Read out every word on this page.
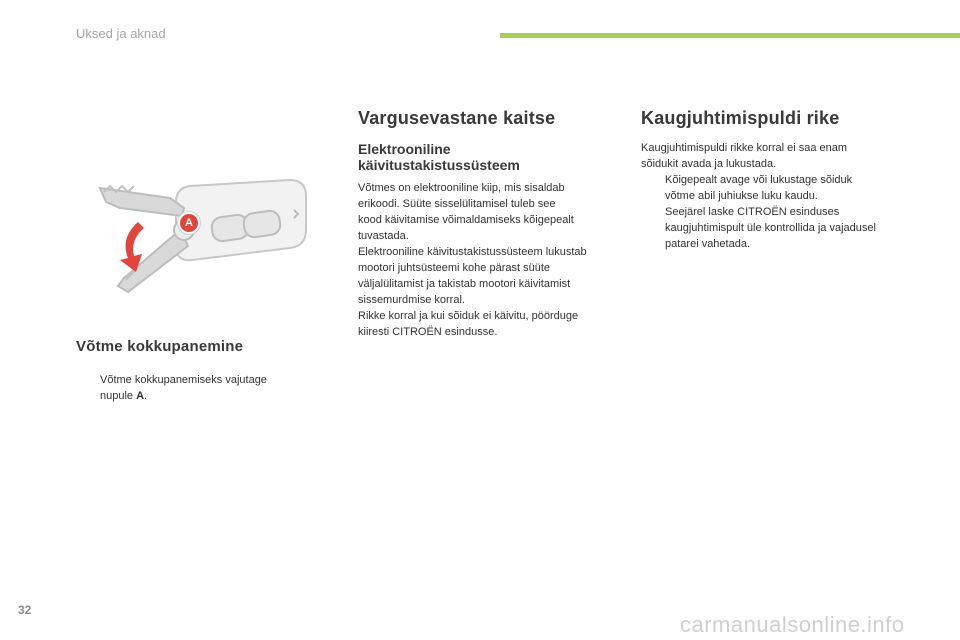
Uksed ja aknad
A
Võtme kokkupanemine
Võtme kokkupanemiseks vajutage
nupule A.
Vargusevastane kaitse
Elektrooniline
käivitustakistussüsteem

Võtmes on elektrooniline kiip, mis sisaldab

erikoodi. Süüte sisselülitamisel tuleb see

kood käivitamise võimaldamiseks kõigepealt

tuvastada.

Elektrooniline käivitustakistussüsteem lukustab

mootori juhtsüsteemi kohe pärast süüte

väljalülitamist ja takistab mootori käivitamist

sissemurdmise korral.

Rikke korral ja kui sõiduk ei käivitu, pöörduge

kiiresti CITROËN esindusse.

Kaugjuhtimispuldi rike

Kaugjuhtimispuldi rikke korral ei saa enam

sõidukit avada ja lukustada.

Kõigepealt avage või lukustage sõiduk
võtme abil juhiukse luku kaudu.
Seejärel laske CITROËN esinduses
kaugjuhtimispult üle kontrollida ja vajadusel
patarei vahetada.
32
carmanualsonline.info
